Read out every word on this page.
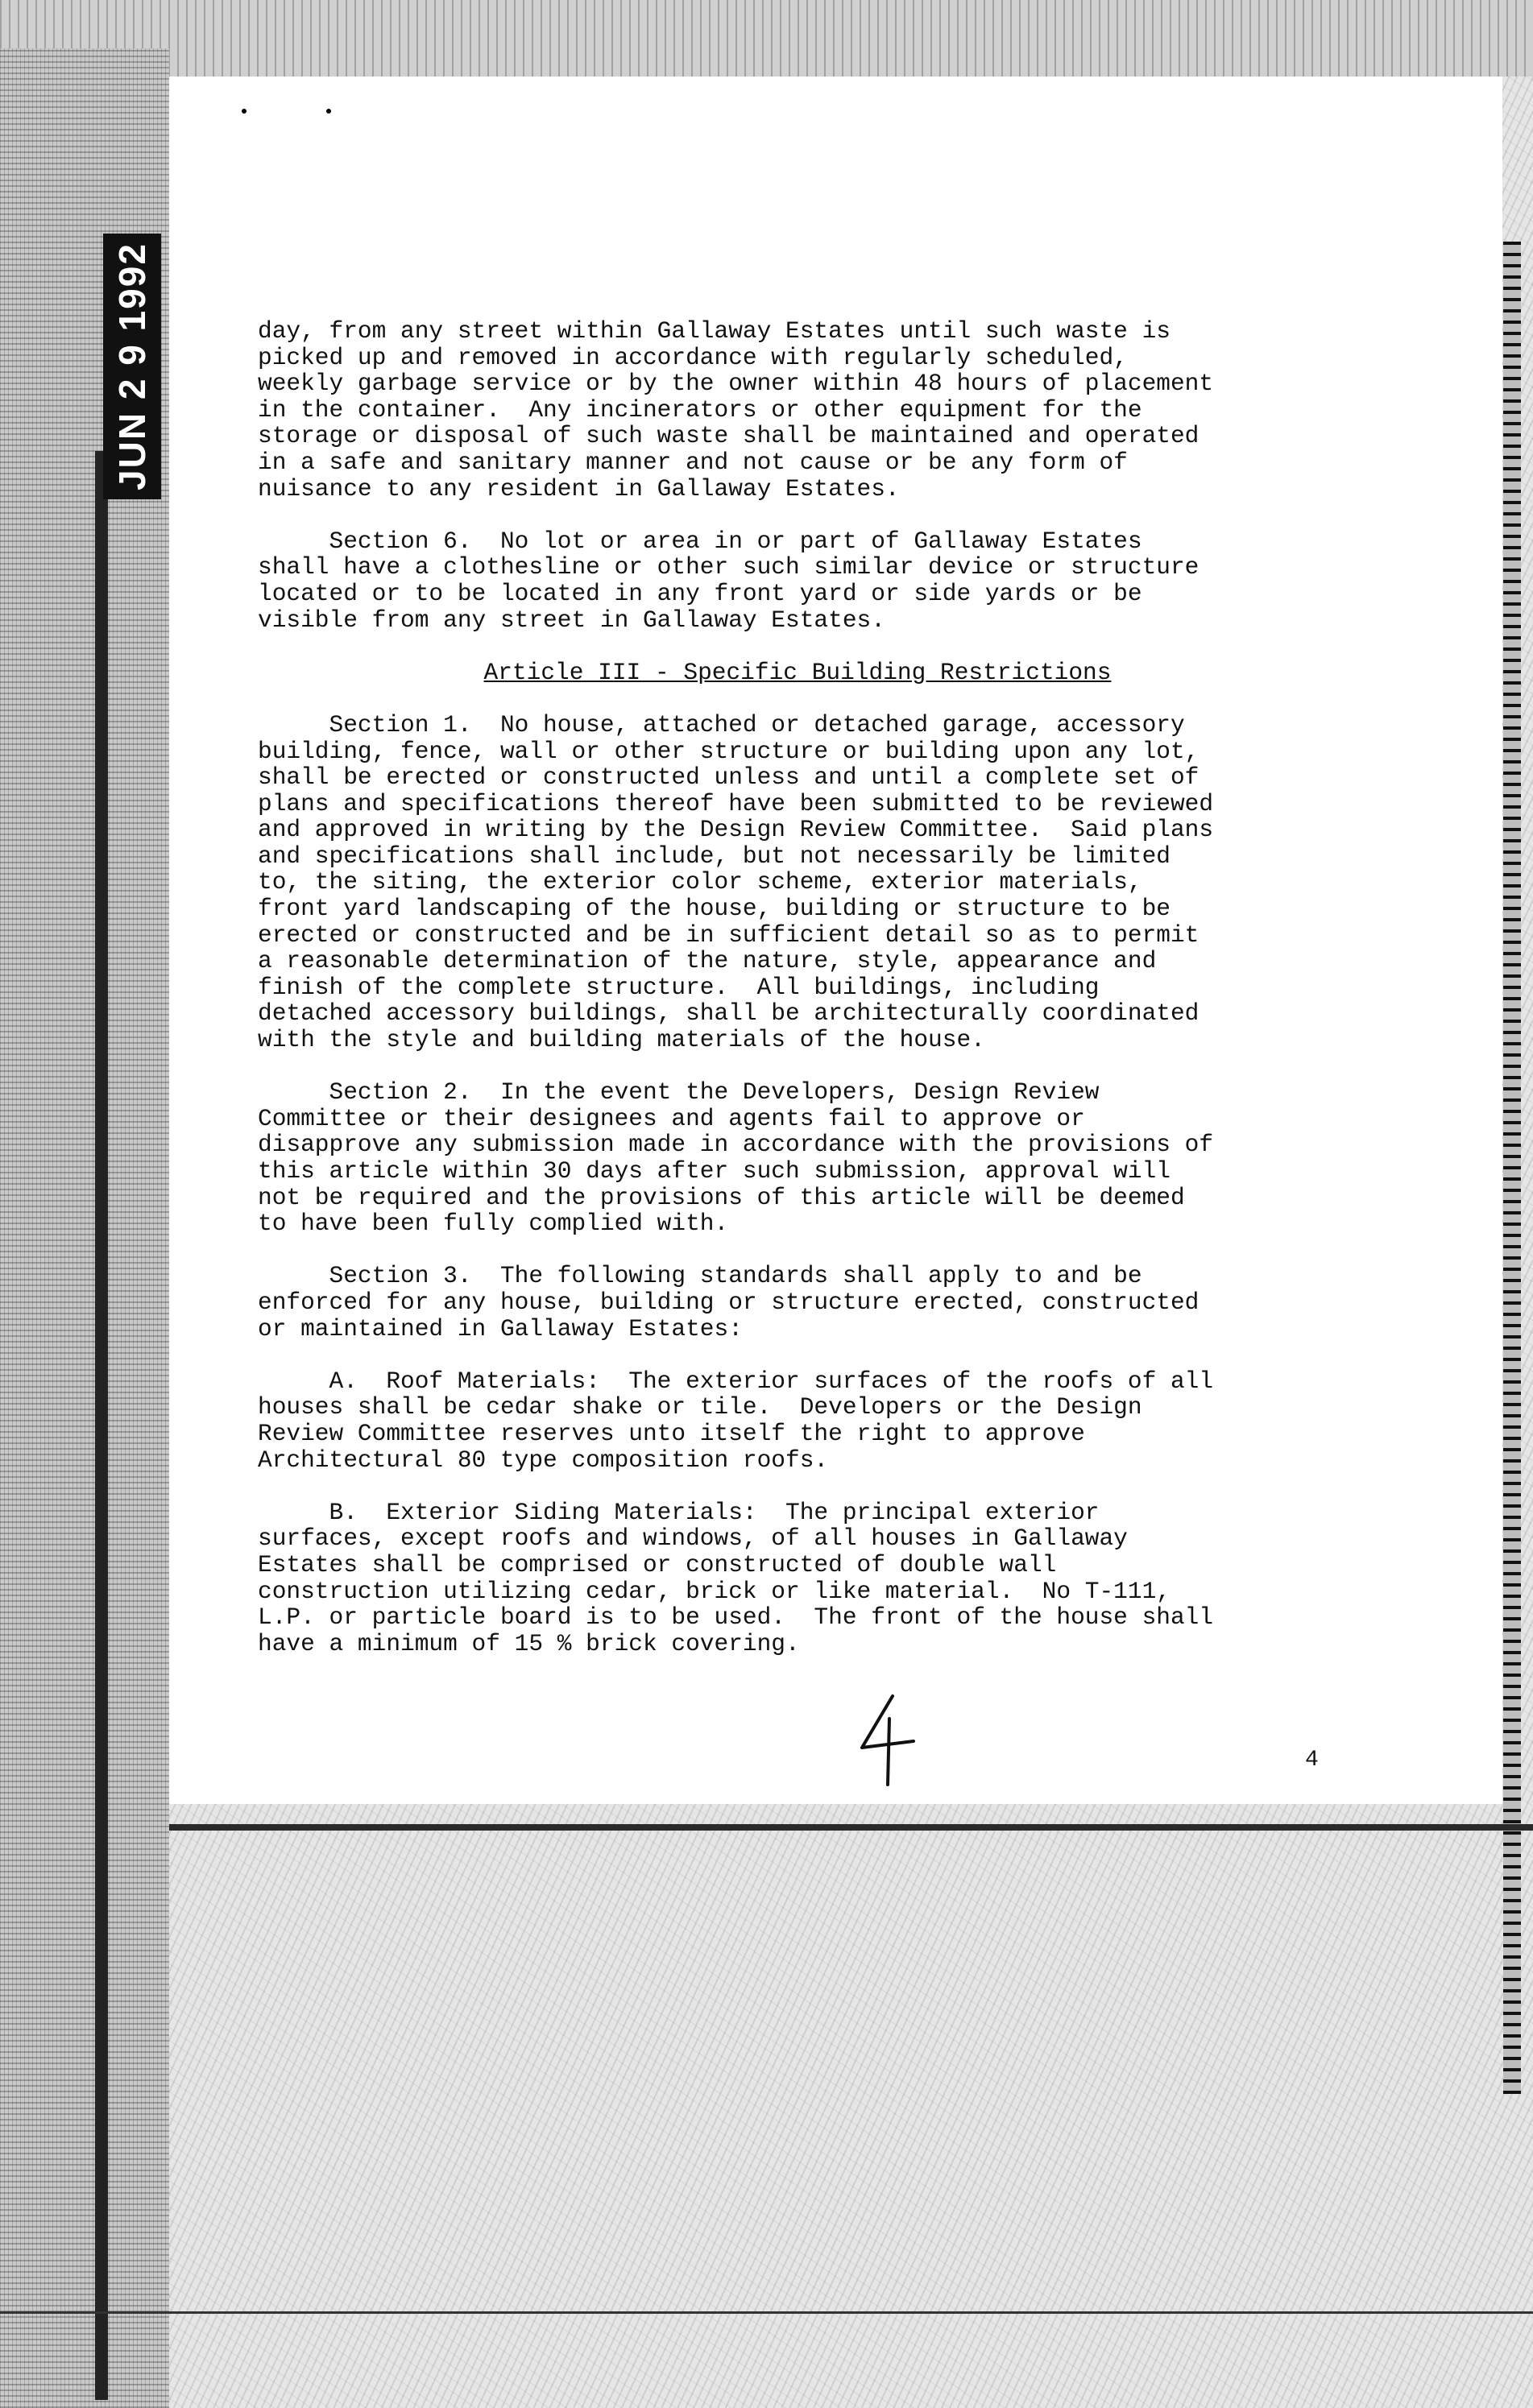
JUN 2 9 1992	day, from any street within Gallaway Estates until such waste is
picked up and removed in accordance with regularly scheduled,
weekly garbage service or by the owner within 48 hours of placement
in the container.  Any incinerators or other equipment for the
storage or disposal of such waste shall be maintained and operated
in a safe and sanitary manner and not cause or be any form of
nuisance to any resident in Gallaway Estates.

Section 6.  No lot or area in or part of Gallaway Estates
shall have a clothesline or other such similar device or structure
located or to be located in any front yard or side yards or be
visible from any street in Gallaway Estates.

Article III - Specific Building Restrictions

Section 1.  No house, attached or detached garage, accessory
building, fence, wall or other structure or building upon any lot,
shall be erected or constructed unless and until a complete set of
plans and specifications thereof have been submitted to be reviewed
and approved in writing by the Design Review Committee.  Said plans
and specifications shall include, but not necessarily be limited
to, the siting, the exterior color scheme, exterior materials,
front yard landscaping of the house, building or structure to be
erected or constructed and be in sufficient detail so as to permit
a reasonable determination of the nature, style, appearance and
finish of the complete structure.  All buildings, including
detached accessory buildings, shall be architecturally coordinated
with the style and building materials of the house.

Section 2.  In the event the Developers, Design Review
Committee or their designees and agents fail to approve or
disapprove any submission made in accordance with the provisions of
this article within 30 days after such submission, approval will
not be required and the provisions of this article will be deemed
to have been fully complied with.

Section 3.  The following standards shall apply to and be
enforced for any house, building or structure erected, constructed
or maintained in Gallaway Estates:

A.  Roof Materials:  The exterior surfaces of the roofs of all
houses shall be cedar shake or tile.  Developers or the Design
Review Committee reserves unto itself the right to approve
Architectural 80 type composition roofs.

B.  Exterior Siding Materials:  The principal exterior
surfaces, except roofs and windows, of all houses in Gallaway
Estates shall be comprised or constructed of double wall
construction utilizing cedar, brick or like material.  No T-111,
L.P. or particle board is to be used.  The front of the house shall
have a minimum of 15 % brick covering.

4
